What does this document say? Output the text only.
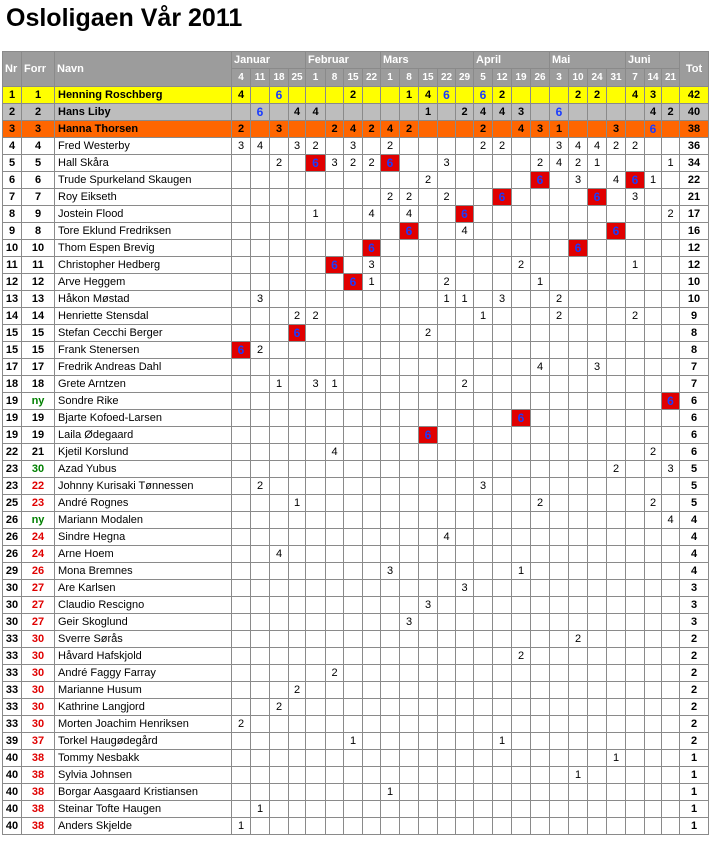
Osloligaen Vår 2011
Nr	Forr	Navn	Januar				Februar				Mars					April				Mai				Juni			Tot
			4	11	18	25	1	8	15	22	1	8	15	22	29	5	12	19	26	3	10	24	31	7	14	21	
1	1	Henning Roschberg	4		6				2			1	4	6		6	2				2	2		4	3		42
2	2	Hans Liby		6		4	4						1		2	4	4	3		6					4	2	40
3	3	Hanna Thorsen	2		3			2	4	2	4	2				2		4	3	1			3		6		38
4	4	Fred Westerby	3	4		3	2		3		2					2	2			3	4	4	2	2			36
5	5	Hall Skåra			2		6	3	2	2	6			3					2	4	2	1				1	34
6	6	Trude Spurkeland Skaugen											2						6		3		4	6	1		22
7	7	Roy Eikseth									2	2		2			6					6		3			21
8	9	Jostein Flood					1			4		4			6											2	17
9	8	Tore Eklund Fredriksen										6			4								6				16
10	10	Thom Espen Brevig								6											6						12
11	11	Christopher Hedberg						6		3								2						1			12
12	12	Arve Heggem							6	1				2					1								10
13	13	Håkon Møstad		3										1	1		3			2							10
14	14	Henriette Stensdal				2	2									1				2				2			9
15	15	Stefan Cecchi Berger				6							2														8
15	15	Frank Stenersen	6	2																							8
17	17	Fredrik Andreas Dahl																	4			3					7
18	18	Grete Arntzen			1		3	1							2												7
19	ny	Sondre Rike																								6	6
19	19	Bjarte Kofoed-Larsen																6									6
19	19	Laila Ødegaard											6														6
22	21	Kjetil Korslund						4																	2		6
23	30	Azad Yubus																					2			3	5
23	22	Johnny Kurisaki Tønnessen		2												3											5
25	23	André Rognes				1													2						2		5
26	ny	Mariann Modalen																								4	4
26	24	Sindre Hegna												4													4
26	24	Arne Hoem			4																						4
29	26	Mona Bremnes									3							1									4
30	27	Are Karlsen													3												3
30	27	Claudio Rescigno											3														3
30	27	Geir Skoglund										3															3
33	30	Sverre Sørås																			2						2
33	30	Håvard Hafskjold																2									2
33	30	André Faggy Farray						2																			2
33	30	Marianne Husum				2																					2
33	30	Kathrine Langjord			2																						2
33	30	Morten Joachim Henriksen	2																								2
39	37	Torkel Haugødegård							1								1										2
40	38	Tommy Nesbakk																					1				1
40	38	Sylvia Johnsen																			1						1
40	38	Borgar Aasgaard Kristiansen									1																1
40	38	Steinar Tofte Haugen		1																							1
40	38	Anders Skjelde	1																								1
